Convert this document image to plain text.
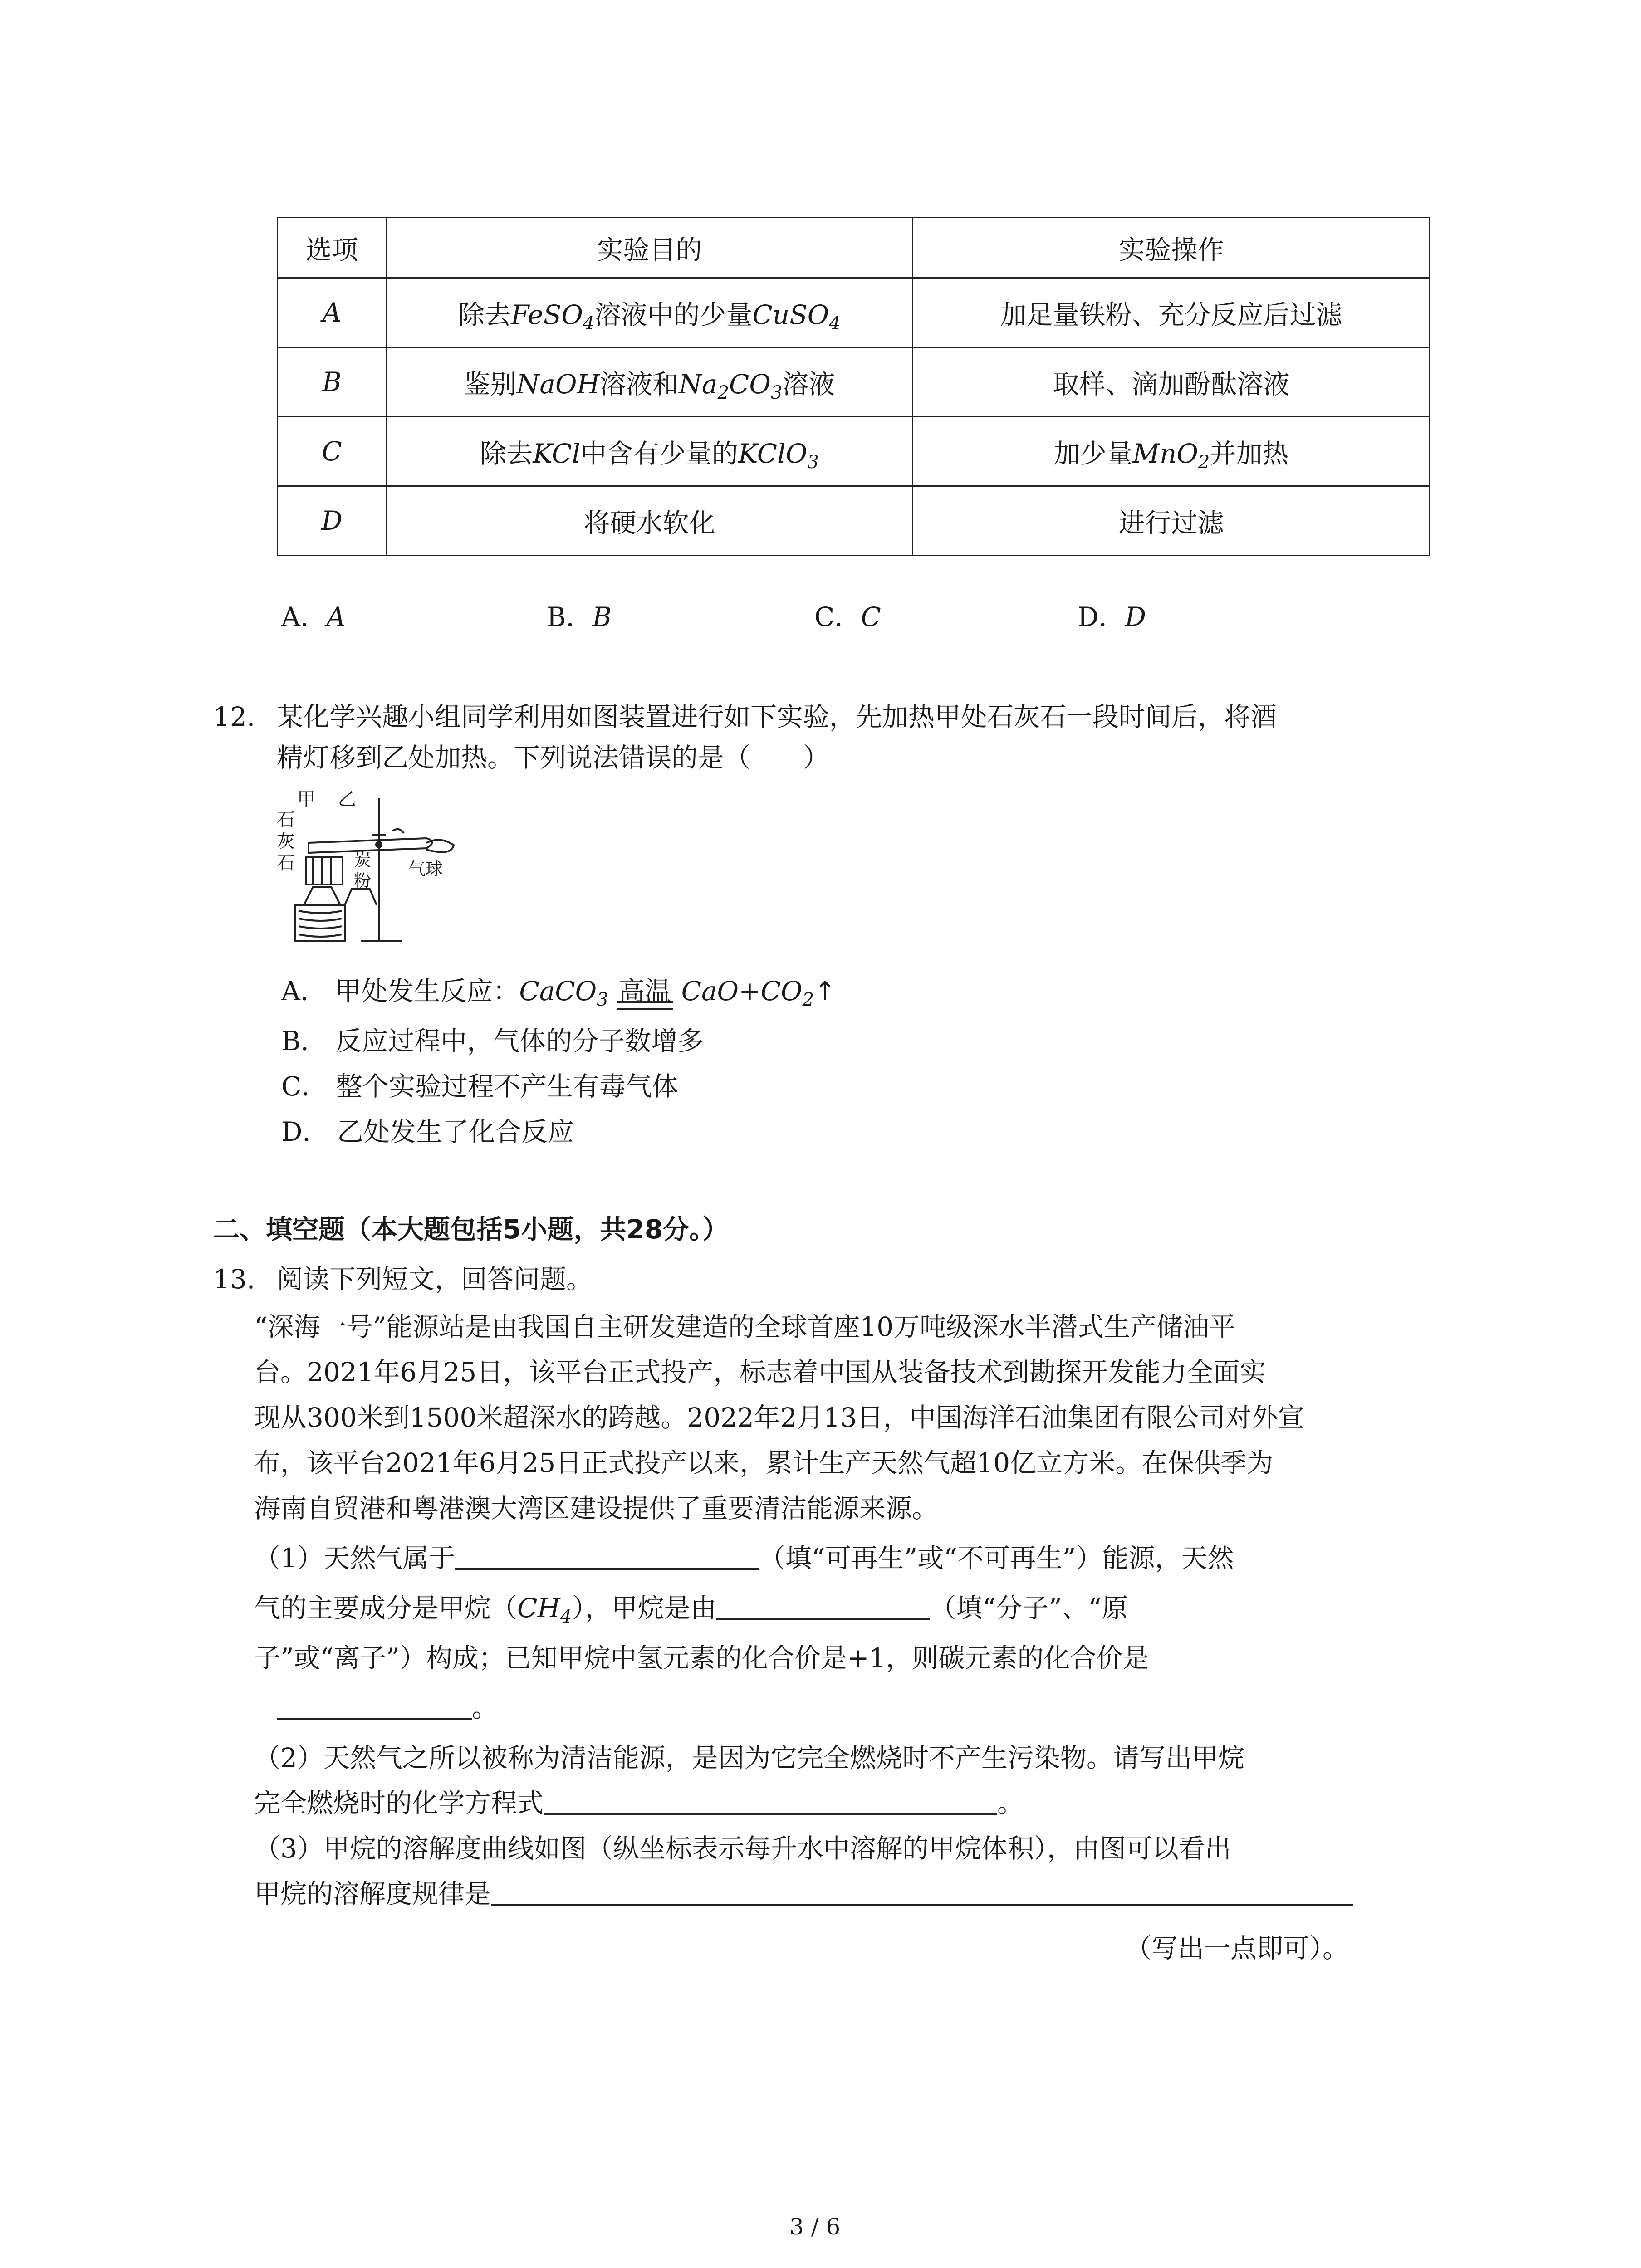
选项	实验目的	实验操作
A	除去FeSO$_4$溶液中的少量CuSO$_4$	加足量铁粉、充分反应后过滤
B	鉴别NaOH溶液和$Na_2CO_3$溶液	取样、滴加酚酞溶液
C	除去KCl中含有少量的KClO$_3$	加少量MnO$_2$并加热
D	将硬水软化	进行过滤
A．A	B．B	C．C	D．D
12. 某化学兴趣小组同学利用如图装置进行如下实验，先加热甲处石灰石一段时间后，将酒
精灯移到乙处加热。下列说法错误的是（　　）
甲 乙
石
灰
石	炭
粉
气球
A． 甲处发生反应：CaCO$_3$ 高温 $CaO+CO_2↑$
B． 反应过程中，气体的分子数增多
C． 整个实验过程不产生有毒气体
D． 乙处发生了化合反应
二、填空题（本大题包括5小题，共28分。）
13. 阅读下列短文，回答问题。
“深海一号”能源站是由我国自主研发建造的全球首座10万吨级深水半潜式生产储油平
台。2021年6月25日，该平台正式投产，标志着中国从装备技术到勘探开发能力全面实
现从300米到1500米超深水的跨越。2022年2月13日，中国海洋石油集团有限公司对外宣
布，该平台2021年6月25日正式投产以来，累计生产天然气超10亿立方米。在保供季为
海南自贸港和粤港澳大湾区建设提供了重要清洁能源来源。
（1）天然气属于	（填“可再生”或“不可再生”）能源，天然
气的主要成分是甲烷$(CH_4)$，甲烷是由	（填“分子”、“原
子”或“离子”）构成；已知甲烷中氢元素的化合价是+1，则碳元素的化合价是
。
（2）天然气之所以被称为清洁能源，是因为它完全燃烧时不产生污染物。请写出甲烷
完全燃烧时的化学方程式	。
（3）甲烷的溶解度曲线如图（纵坐标表示每升水中溶解的甲烷体积），由图可以看出
甲烷的溶解度规律是
（写出一点即可）。
3 / 6
